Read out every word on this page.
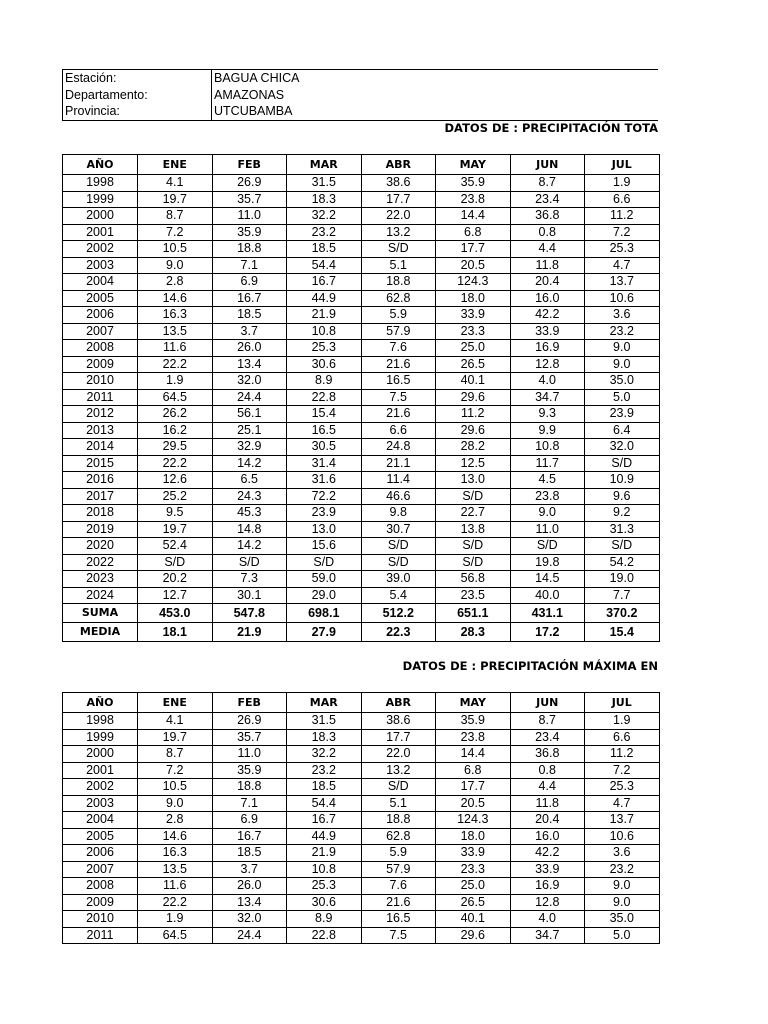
Estación:	BAGUA CHICA
Departamento:	AMAZONAS
Provincia:	UTCUBAMBA
DATOS DE : PRECIPITACIÓN TOTA
AÑO	ENE	FEB	MAR	ABR	MAY	JUN	JUL
1998	4.1	26.9	31.5	38.6	35.9	8.7	1.9
1999	19.7	35.7	18.3	17.7	23.8	23.4	6.6
2000	8.7	11.0	32.2	22.0	14.4	36.8	11.2
2001	7.2	35.9	23.2	13.2	6.8	0.8	7.2
2002	10.5	18.8	18.5	S/D	17.7	4.4	25.3
2003	9.0	7.1	54.4	5.1	20.5	11.8	4.7
2004	2.8	6.9	16.7	18.8	124.3	20.4	13.7
2005	14.6	16.7	44.9	62.8	18.0	16.0	10.6
2006	16.3	18.5	21.9	5.9	33.9	42.2	3.6
2007	13.5	3.7	10.8	57.9	23.3	33.9	23.2
2008	11.6	26.0	25.3	7.6	25.0	16.9	9.0
2009	22.2	13.4	30.6	21.6	26.5	12.8	9.0
2010	1.9	32.0	8.9	16.5	40.1	4.0	35.0
2011	64.5	24.4	22.8	7.5	29.6	34.7	5.0
2012	26.2	56.1	15.4	21.6	11.2	9.3	23.9
2013	16.2	25.1	16.5	6.6	29.6	9.9	6.4
2014	29.5	32.9	30.5	24.8	28.2	10.8	32.0
2015	22.2	14.2	31.4	21.1	12.5	11.7	S/D
2016	12.6	6.5	31.6	11.4	13.0	4.5	10.9
2017	25.2	24.3	72.2	46.6	S/D	23.8	9.6
2018	9.5	45.3	23.9	9.8	22.7	9.0	9.2
2019	19.7	14.8	13.0	30.7	13.8	11.0	31.3
2020	52.4	14.2	15.6	S/D	S/D	S/D	S/D
2022	S/D	S/D	S/D	S/D	S/D	19.8	54.2
2023	20.2	7.3	59.0	39.0	56.8	14.5	19.0
2024	12.7	30.1	29.0	5.4	23.5	40.0	7.7
SUMA	453.0	547.8	698.1	512.2	651.1	431.1	370.2
MEDIA	18.1	21.9	27.9	22.3	28.3	17.2	15.4
DATOS DE : PRECIPITACIÓN MÁXIMA EN
AÑO	ENE	FEB	MAR	ABR	MAY	JUN	JUL
1998	4.1	26.9	31.5	38.6	35.9	8.7	1.9
1999	19.7	35.7	18.3	17.7	23.8	23.4	6.6
2000	8.7	11.0	32.2	22.0	14.4	36.8	11.2
2001	7.2	35.9	23.2	13.2	6.8	0.8	7.2
2002	10.5	18.8	18.5	S/D	17.7	4.4	25.3
2003	9.0	7.1	54.4	5.1	20.5	11.8	4.7
2004	2.8	6.9	16.7	18.8	124.3	20.4	13.7
2005	14.6	16.7	44.9	62.8	18.0	16.0	10.6
2006	16.3	18.5	21.9	5.9	33.9	42.2	3.6
2007	13.5	3.7	10.8	57.9	23.3	33.9	23.2
2008	11.6	26.0	25.3	7.6	25.0	16.9	9.0
2009	22.2	13.4	30.6	21.6	26.5	12.8	9.0
2010	1.9	32.0	8.9	16.5	40.1	4.0	35.0
2011	64.5	24.4	22.8	7.5	29.6	34.7	5.0
